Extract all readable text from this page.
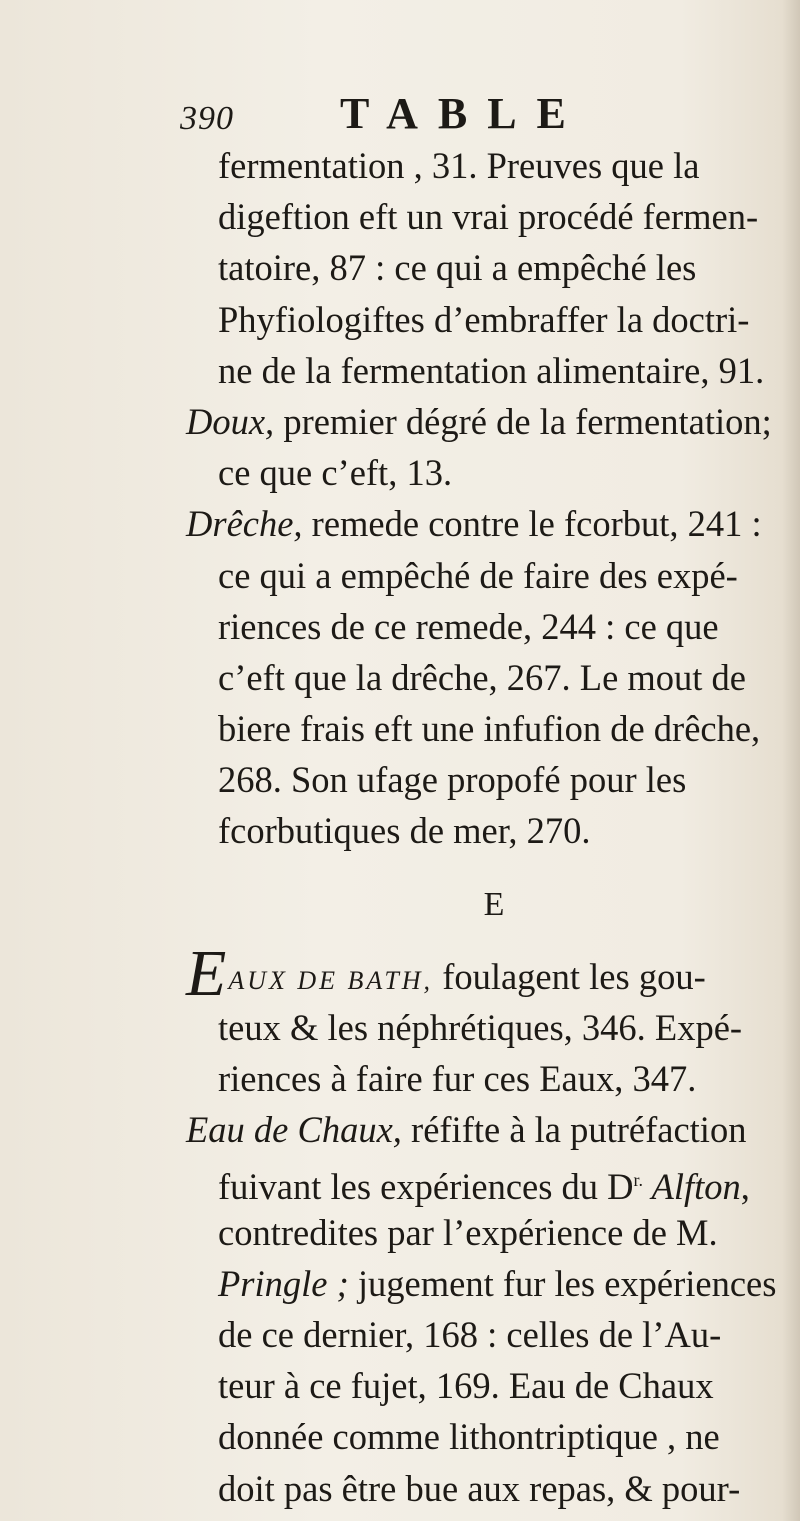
390 TABLE
fermentation , 31. Preuves que la
digeftion eft un vrai procédé fermen-
tatoire, 87 : ce qui a empêché les
Phyfiologiftes d’embraffer la doctri-
ne de la fermentation alimentaire, 91.
Doux, premier dégré de la fermentation;
ce que c’eft, 13.
Drêche, remede contre le fcorbut, 241 :
ce qui a empêché de faire des expé-
riences de ce remede, 244 : ce que
c’eft que la drêche, 267. Le mout de
biere frais eft une infufion de drêche,
268. Son ufage propofé pour les
fcorbutiques de mer, 270.
E
EAUX DE BATH, foulagent les gou-
teux & les néphrétiques, 346. Expé-
riences à faire fur ces Eaux, 347.
Eau de Chaux, réfifte à la putréfaction
fuivant les expériences du $D^{r.}$ Alfton,
contredites par l’expérience de M.
Pringle ; jugement fur les expériences
de ce dernier, 168 : celles de l’Au-
teur à ce fujet, 169. Eau de Chaux
donnée comme lithontriptique , ne
doit pas être bue aux repas, & pour-
